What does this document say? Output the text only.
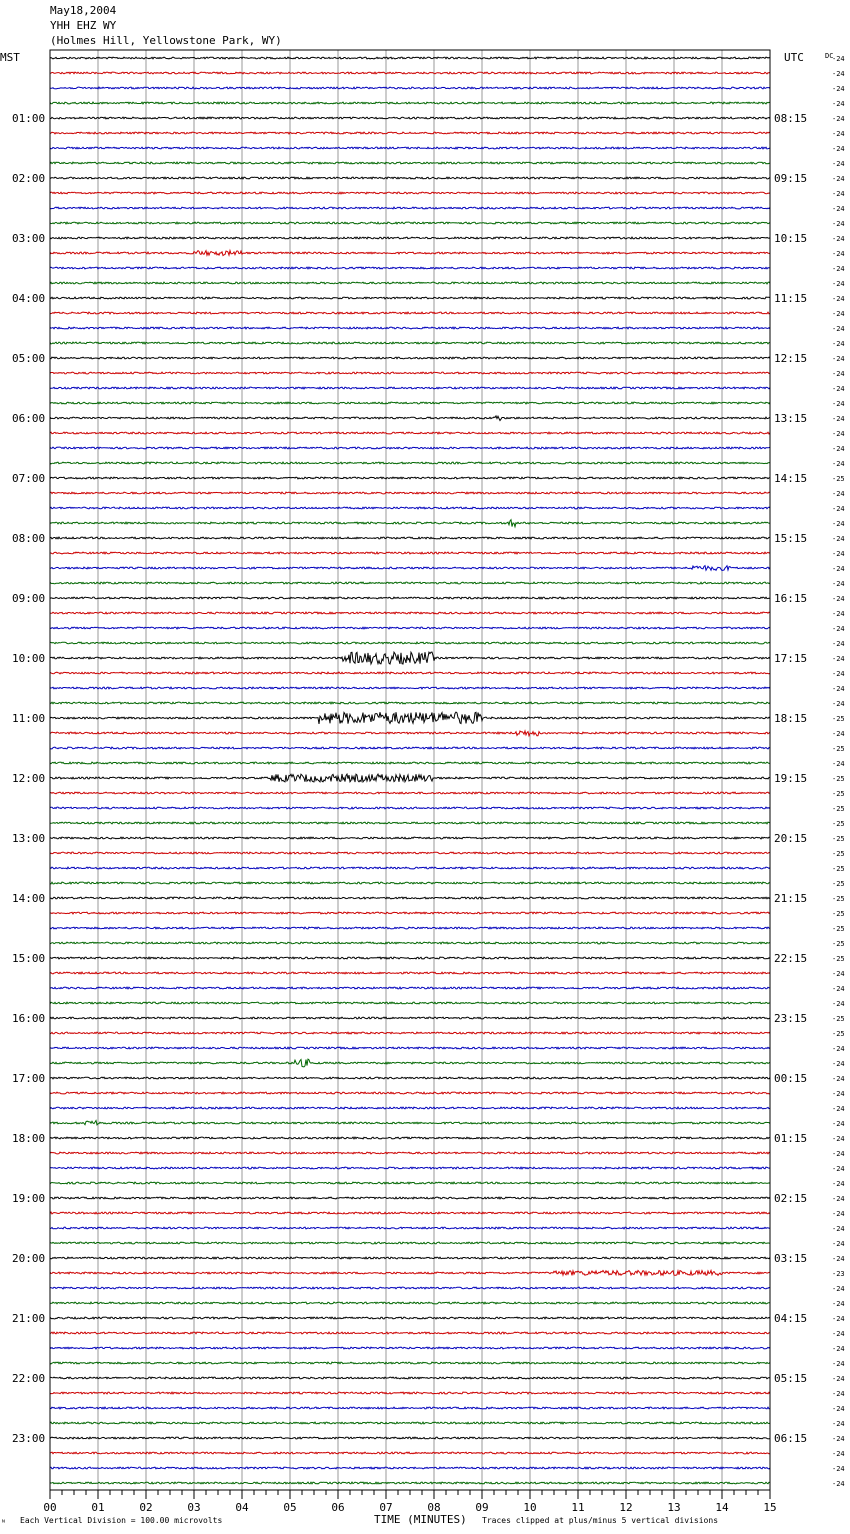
May18,2004
YHH EHZ WY
(Holmes Hill, Yellowstone Park, WY)
01:00
02:00
03:00
04:00
05:00
06:00
07:00
08:00
09:00
10:00
11:00
12:00
13:00
14:00
15:00
16:00
17:00
18:00
19:00
20:00
21:00
22:00
23:00
08:15
09:15
10:15
11:15
12:15
13:15
14:15
15:15
16:15
17:15
18:15
19:15
20:15
21:15
22:15
23:15
00:15
01:15
02:15
03:15
04:15
05:15
06:15
-24
-24
-24
-24
-24
-24
-24
-24
-24
-24
-24
-24
-24
-24
-24
-24
-24
-24
-24
-24
-24
-24
-24
-24
-24
-24
-24
-24
-25
-24
-24
-24
-24
-24
-24
-24
-24
-24
-24
-24
-24
-24
-24
-24
-25
-24
-25
-24
-25
-25
-25
-25
-25
-25
-25
-25
-25
-25
-25
-25
-25
-24
-24
-24
-25
-25
-24
-24
-24
-24
-24
-24
-24
-24
-24
-24
-24
-24
-24
-24
-24
-23
-24
-24
-24
-24
-24
-24
-24
-24
-24
-24
-24
-24
-24
-24
00	01	02	03	04	05	06	07	08	09	10	11	12	13	14	15
MST	UTC	DC
TIME (MINUTES)
Each Vertical Division = 100.00 microvolts	Traces clipped at plus/minus 5 vertical divisions
ᴺ
